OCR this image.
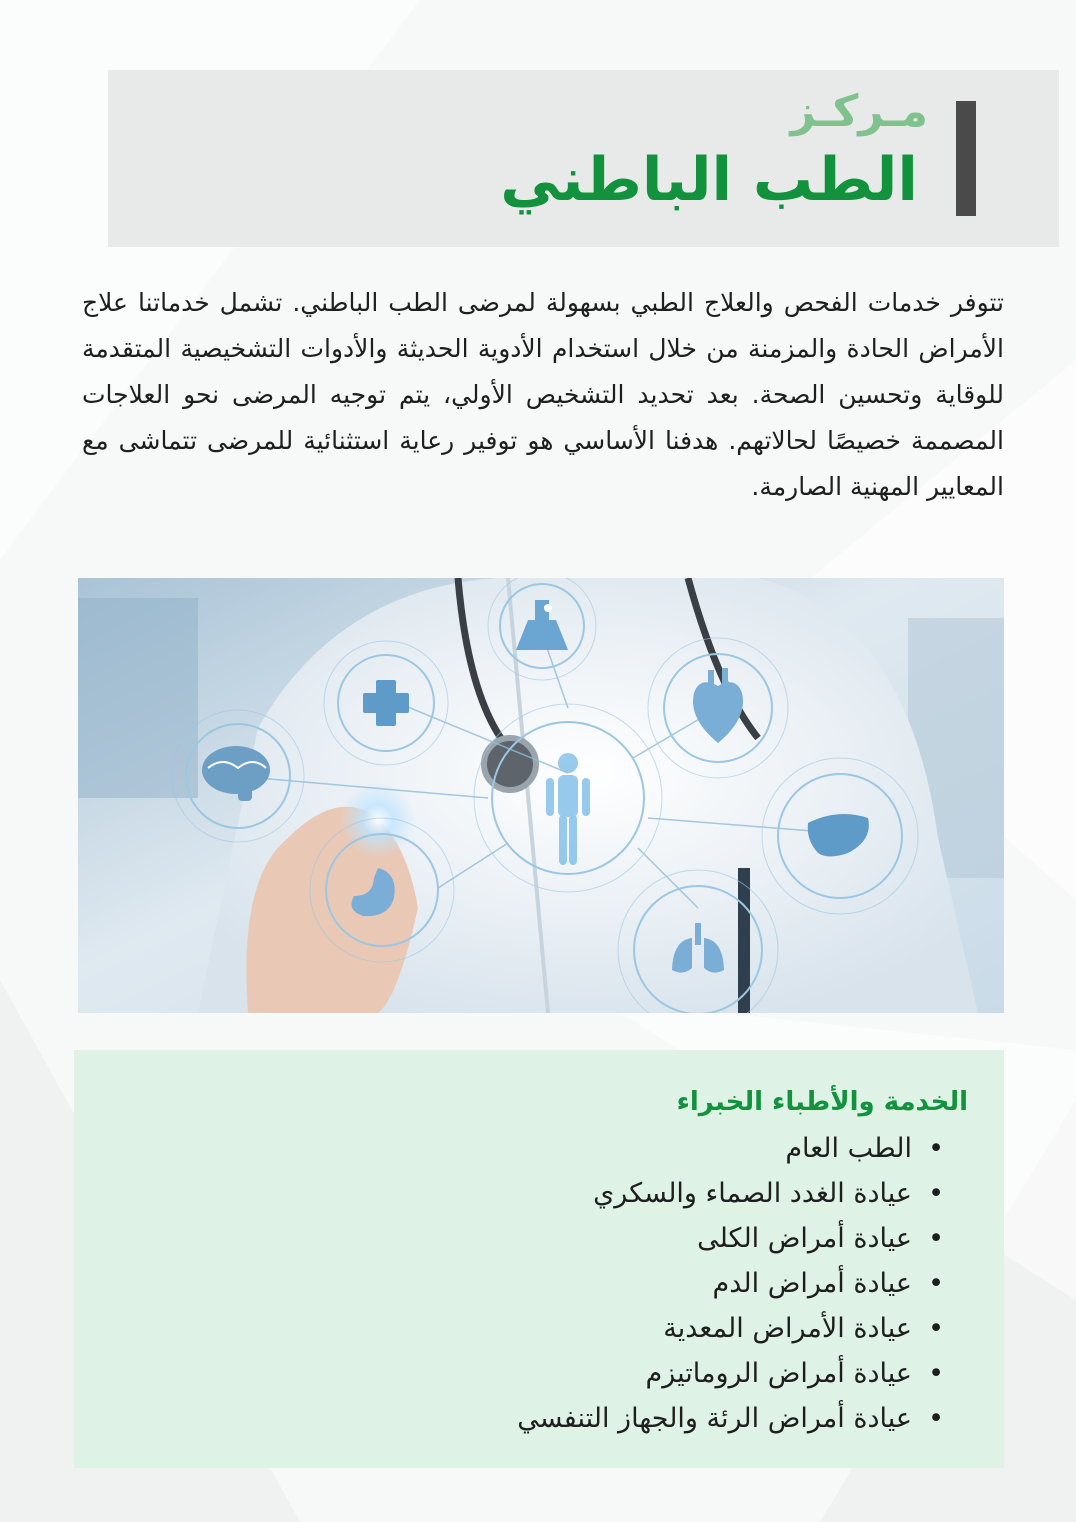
مـركـز
الطب الباطني

تتوفر خدمات الفحص والعلاج الطبي بسهولة لمرضى الطب الباطني. تشمل خدماتنا علاج الأمراض الحادة والمزمنة من خلال استخدام الأدوية الحديثة والأدوات التشخيصية المتقدمة للوقاية وتحسين الصحة. بعد تحديد التشخيص الأولي، يتم توجيه المرضى نحو العلاجات المصممة خصيصًا لحالاتهم. هدفنا الأساسي هو توفير رعاية استثنائية للمرضى تتماشى مع المعايير المهنية الصارمة.

الخدمة والأطباء الخبراء
• الطب العام
• عيادة الغدد الصماء والسكري
• عيادة أمراض الكلى
• عيادة أمراض الدم
• عيادة الأمراض المعدية
• عيادة أمراض الروماتيزم
• عيادة أمراض الرئة والجهاز التنفسي
